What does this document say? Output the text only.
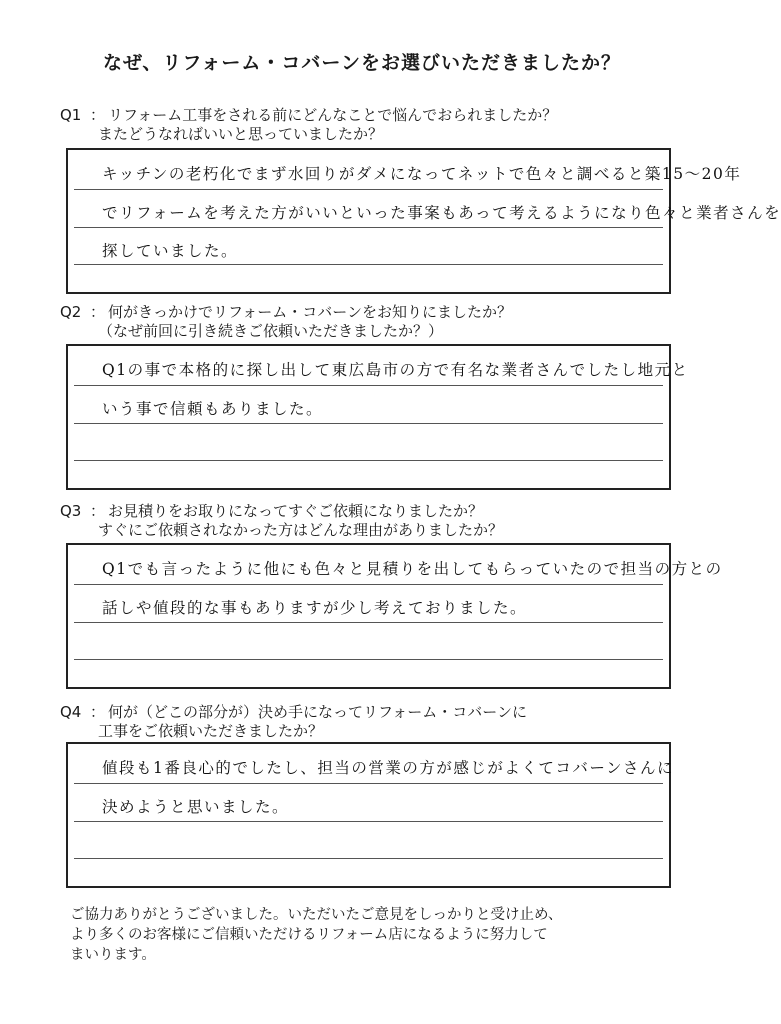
なぜ、リフォーム・コバーンをお選びいただきましたか？
Q1 ： リフォーム工事をされる前にどんなことで悩んでおられましたか？
またどうなればいいと思っていましたか？
キッチンの老朽化でまず水回りがダメになってネットで色々と調べると築15〜20年
でリフォームを考えた方がいいといった事案もあって考えるようになり色々と業者さんを
探していました。
Q2 ： 何がきっかけでリフォーム・コバーンをお知りにましたか？
（なぜ前回に引き続きご依頼いただきましたか？）
Q1の事で本格的に探し出して東広島市の方で有名な業者さんでしたし地元と
いう事で信頼もありました。
Q3 ： お見積りをお取りになってすぐご依頼になりましたか？
すぐにご依頼されなかった方はどんな理由がありましたか？
Q1でも言ったように他にも色々と見積りを出してもらっていたので担当の方との
話しや値段的な事もありますが少し考えておりました。
Q4 ： 何が（どこの部分が）決め手になってリフォーム・コバーンに
工事をご依頼いただきましたか？
値段も1番良心的でしたし、担当の営業の方が感じがよくてコバーンさんに
決めようと思いました。
ご協力ありがとうございました。いただいたご意見をしっかりと受け止め、
より多くのお客様にご信頼いただけるリフォーム店になるように努力して
まいります。
